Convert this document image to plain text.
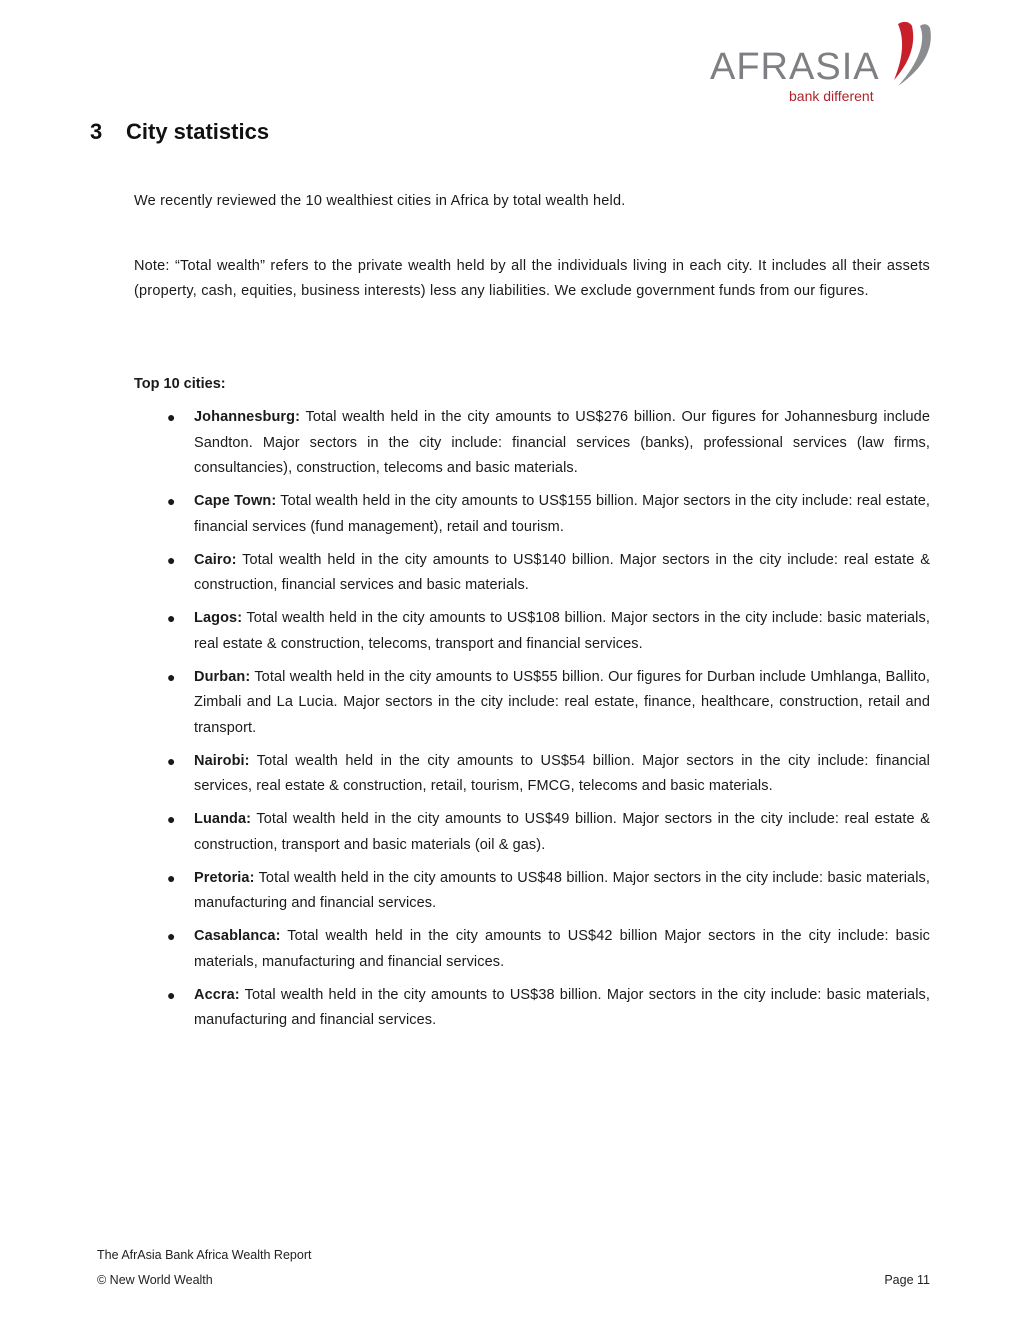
AFRASIA
bank different
3 City statistics

We recently reviewed the 10 wealthiest cities in Africa by total wealth held.

Note: “Total wealth” refers to the private wealth held by all the individuals living in each city. It includes all their assets (property, cash, equities, business interests) less any liabilities. We exclude government funds from our figures.

Top 10 cities:
● Johannesburg: Total wealth held in the city amounts to US$276 billion. Our figures for Johannesburg include Sandton. Major sectors in the city include: financial services (banks), professional services (law firms, consultancies), construction, telecoms and basic materials.
● Cape Town: Total wealth held in the city amounts to US$155 billion. Major sectors in the city include: real estate, financial services (fund management), retail and tourism.
● Cairo: Total wealth held in the city amounts to US$140 billion. Major sectors in the city include: real estate & construction, financial services and basic materials.
● Lagos: Total wealth held in the city amounts to US$108 billion. Major sectors in the city include: basic materials, real estate & construction, telecoms, transport and financial services.
● Durban: Total wealth held in the city amounts to US$55 billion. Our figures for Durban include Umhlanga, Ballito, Zimbali and La Lucia. Major sectors in the city include: real estate, finance, healthcare, construction, retail and transport.
● Nairobi: Total wealth held in the city amounts to US$54 billion. Major sectors in the city include: financial services, real estate & construction, retail, tourism, FMCG, telecoms and basic materials.
● Luanda: Total wealth held in the city amounts to US$49 billion. Major sectors in the city include: real estate & construction, transport and basic materials (oil & gas).
● Pretoria: Total wealth held in the city amounts to US$48 billion. Major sectors in the city include: basic materials, manufacturing and financial services.
● Casablanca: Total wealth held in the city amounts to US$42 billion Major sectors in the city include: basic materials, manufacturing and financial services.
● Accra: Total wealth held in the city amounts to US$38 billion. Major sectors in the city include: basic materials, manufacturing and financial services.
The AfrAsia Bank Africa Wealth Report
© New World Wealth	Page 11
